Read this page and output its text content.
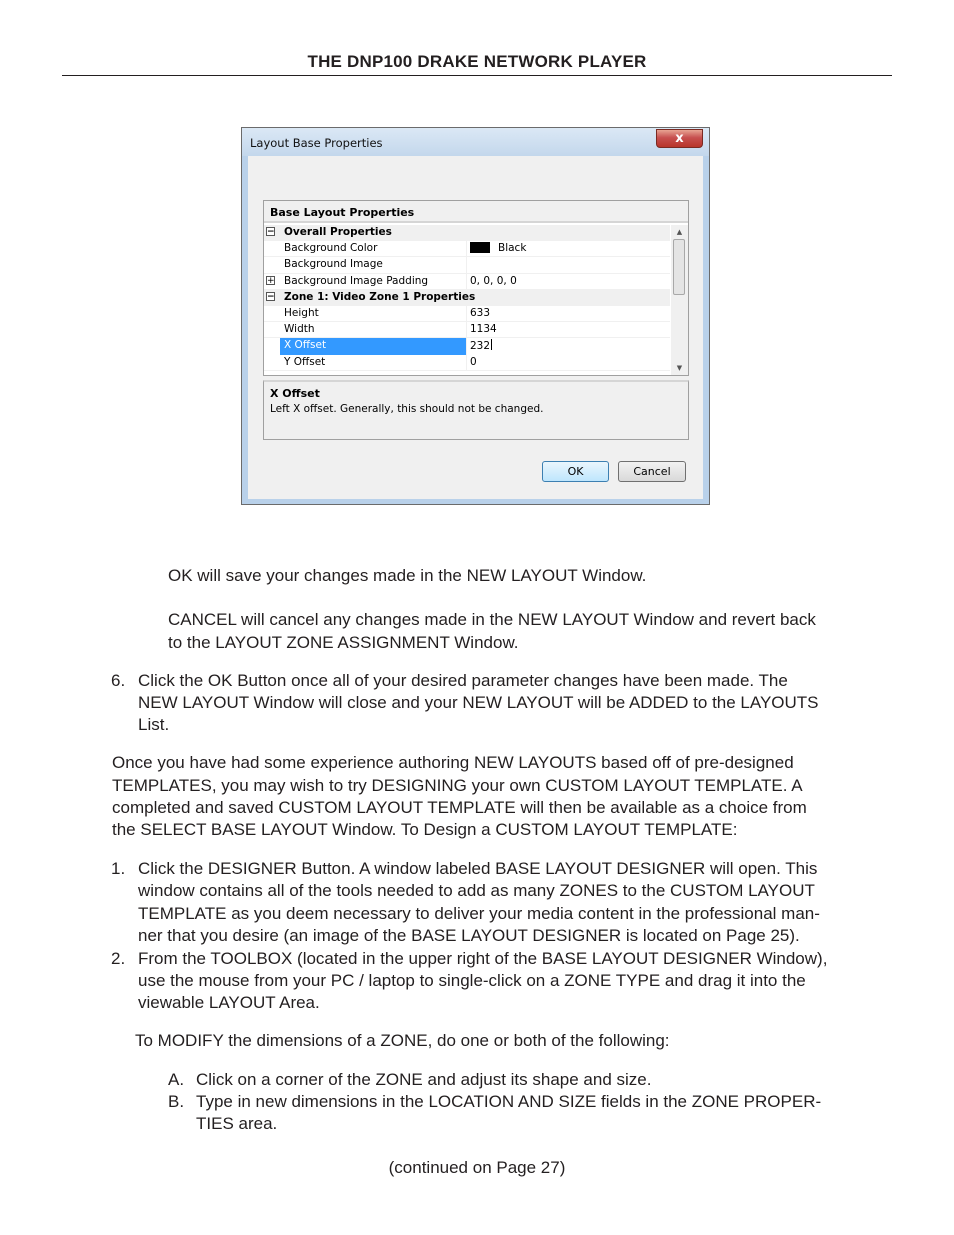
THE DNP100 DRAKE NETWORK PLAYER
Layout Base Properties	x
Base Layout Properties
− Overall Properties
Background Color	Black
Background Image
+ Background Image Padding	0, 0, 0, 0
− Zone 1: Video Zone 1 Properties
Height	633
Width	1134
X Offset	232
Y Offset	0
▲
▼
X Offset
Left X offset. Generally, this should not be changed.
OK	Cancel
OK will save your changes made in the NEW LAYOUT Window.
CANCEL will cancel any changes made in the NEW LAYOUT Window and revert back
to the LAYOUT ZONE ASSIGNMENT Window.
6. Click the OK Button once all of your desired parameter changes have been made. The
NEW LAYOUT Window will close and your NEW LAYOUT will be ADDED to the LAYOUTS
List.
Once you have had some experience authoring NEW LAYOUTS based off of pre-designed
TEMPLATES, you may wish to try DESIGNING your own CUSTOM LAYOUT TEMPLATE. A
completed and saved CUSTOM LAYOUT TEMPLATE will then be available as a choice from
the SELECT BASE LAYOUT Window. To Design a CUSTOM LAYOUT TEMPLATE:
1. Click the DESIGNER Button. A window labeled BASE LAYOUT DESIGNER will open. This
window contains all of the tools needed to add as many ZONES to the CUSTOM LAYOUT
TEMPLATE as you deem necessary to deliver your media content in the professional man-
ner that you desire (an image of the BASE LAYOUT DESIGNER is located on Page 25).
2. From the TOOLBOX (located in the upper right of the BASE LAYOUT DESIGNER Window),
use the mouse from your PC / laptop to single-click on a ZONE TYPE and drag it into the
viewable LAYOUT Area.
To MODIFY the dimensions of a ZONE, do one or both of the following:
A. Click on a corner of the ZONE and adjust its shape and size.
B. Type in new dimensions in the LOCATION AND SIZE fields in the ZONE PROPER-
TIES area.
(continued on Page 27)
